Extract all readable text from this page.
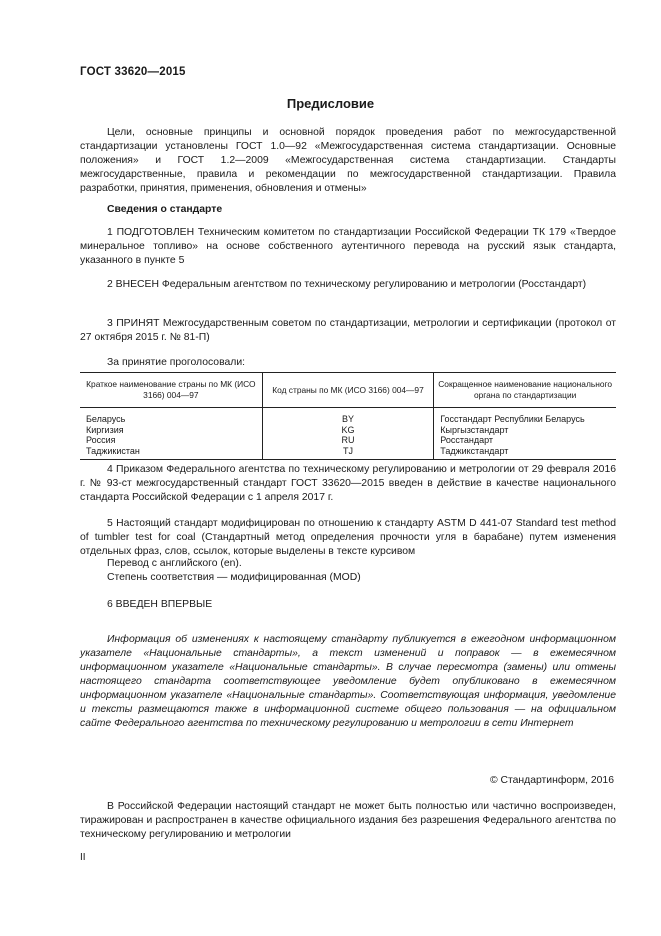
ГОСТ 33620—2015
Предисловие
Цели, основные принципы и основной порядок проведения работ по межгосударственной стандартизации установлены ГОСТ 1.0—92 «Межгосударственная система стандартизации. Основные положения» и ГОСТ 1.2—2009 «Межгосударственная система стандартизации. Стандарты межгосударственные, правила и рекомендации по межгосударственной стандартизации. Правила разработки, принятия, применения, обновления и отмены»
Сведения о стандарте
1 ПОДГОТОВЛЕН Техническим комитетом по стандартизации Российской Федерации ТК 179 «Твердое минеральное топливо» на основе собственного аутентичного перевода на русский язык стандарта, указанного в пункте 5
2 ВНЕСЕН Федеральным агентством по техническому регулированию и метрологии (Росстандарт)
3 ПРИНЯТ Межгосударственным советом по стандартизации, метрологии и сертификации (протокол от 27 октября 2015 г. № 81-П)
За принятие проголосовали:
Краткое наименование страны по МК (ИСО 3166) 004—97	Код страны по МК (ИСО 3166) 004—97	Сокращенное наименование национального органа по стандартизации
Беларусь	BY	Госстандарт Республики Беларусь
Киргизия	KG	Кыргызстандарт
Россия	RU	Росстандарт
Таджикистан	TJ	Таджикстандарт
4 Приказом Федерального агентства по техническому регулированию и метрологии от 29 февраля 2016 г. № 93-ст межгосударственный стандарт ГОСТ 33620—2015 введен в действие в качестве национального стандарта Российской Федерации с 1 апреля 2017 г.
5 Настоящий стандарт модифицирован по отношению к стандарту ASTM D 441-07 Standard test method of tumbler test for coal (Стандартный метод определения прочности угля в барабане) путем изменения отдельных фраз, слов, ссылок, которые выделены в тексте курсивом
Перевод с английского (en).
Степень соответствия — модифицированная (MOD)
6 ВВЕДЕН ВПЕРВЫЕ
Информация об изменениях к настоящему стандарту публикуется в ежегодном информационном указателе «Национальные стандарты», а текст изменений и поправок — в ежемесячном информационном указателе «Национальные стандарты». В случае пересмотра (замены) или отмены настоящего стандарта соответствующее уведомление будет опубликовано в ежемесячном информационном указателе «Национальные стандарты». Соответствующая информация, уведомление и тексты размещаются также в информационной системе общего пользования — на официальном сайте Федерального агентства по техническому регулированию и метрологии в сети Интернет
© Стандартинформ, 2016
В Российской Федерации настоящий стандарт не может быть полностью или частично воспроизведен, тиражирован и распространен в качестве официального издания без разрешения Федерального агентства по техническому регулированию и метрологии
II
